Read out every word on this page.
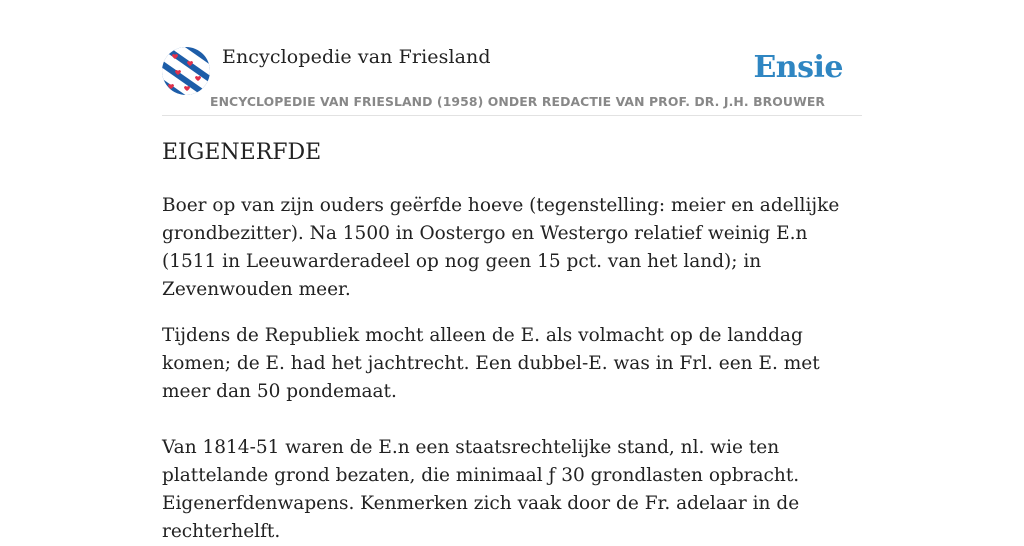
Encyclopedie van Friesland	Ensie
ENCYCLOPEDIE VAN FRIESLAND (1958) ONDER REDACTIE VAN PROF. DR. J.H. BROUWER
EIGENERFDE

Boer op van zijn ouders geërfde hoeve (tegenstelling: meier en adellijke grondbezitter). Na 1500 in Oostergo en Westergo relatief weinig E.n (1511 in Leeuwarderadeel op nog geen 15 pct. van het land); in Zevenwouden meer.

Tijdens de Republiek mocht alleen de E. als volmacht op de landdag komen; de E. had het jachtrecht. Een dubbel-E. was in Frl. een E. met meer dan 50 pondemaat.

Van 1814-51 waren de E.n een staatsrechtelijke stand, nl. wie ten plattelande grond bezaten, die minimaal ƒ 30 grondlasten opbracht. Eigenerfdenwapens. Kenmerken zich vaak door de Fr. adelaar in de rechterhelft.
